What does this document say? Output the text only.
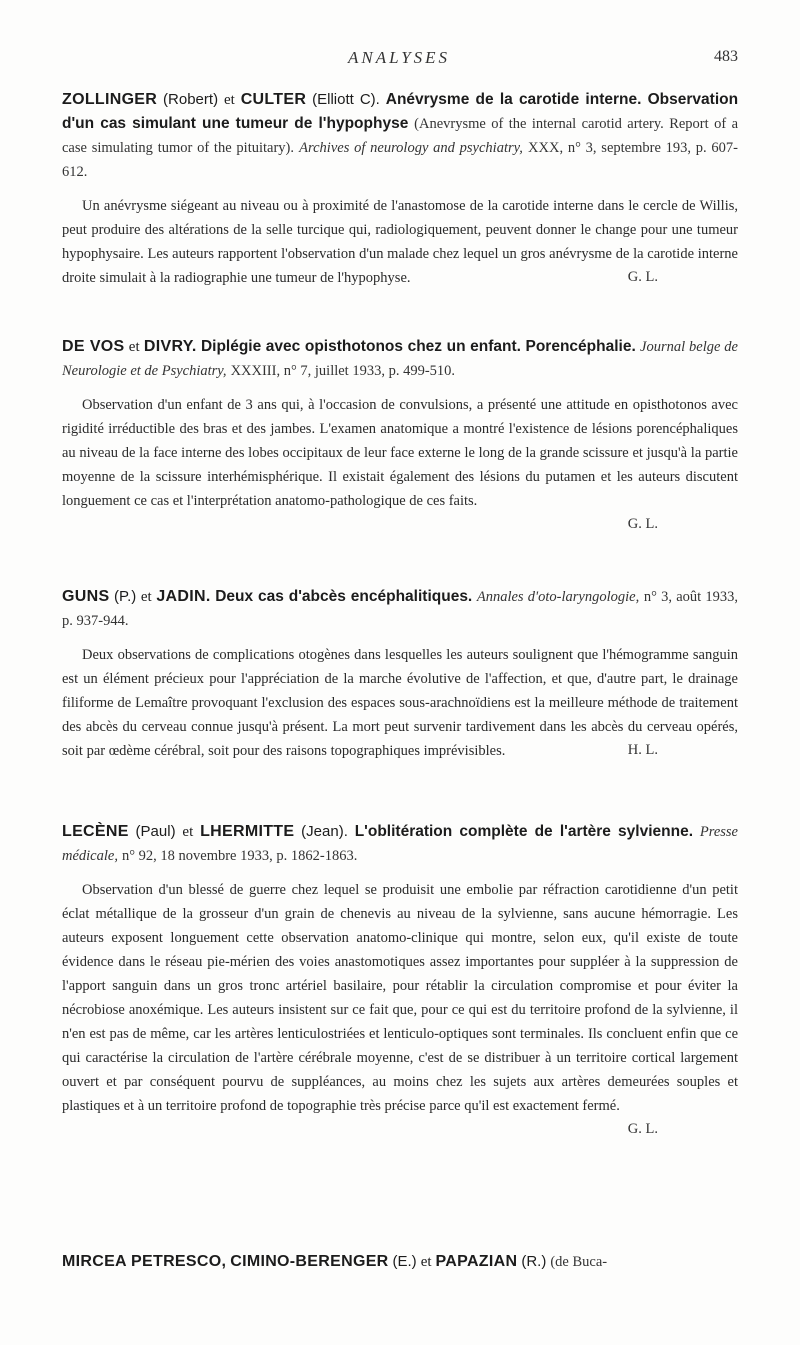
ANALYSES	483
ZOLLINGER (Robert) et CULTER (Elliott C). Anévrysme de la carotide interne. Observation d'un cas simulant une tumeur de l'hypophyse (Anevrysme of the internal carotid artery. Report of a case simulating tumor of the pituitary). Archives of neurology and psychiatry, XXX, n° 3, septembre 193, p. 607-612.

Un anévrysme siégeant au niveau ou à proximité de l'anastomose de la carotide interne dans le cercle de Willis, peut produire des altérations de la selle turcique qui, radiologiquement, peuvent donner le change pour une tumeur hypophysaire. Les auteurs rapportent l'observation d'un malade chez lequel un gros anévrysme de la carotide interne droite simulait à la radiographie une tumeur de l'hypophyse.	G. L.

DE VOS et DIVRY. Diplégie avec opisthotonos chez un enfant. Porencéphalie. Journal belge de Neurologie et de Psychiatry, XXXIII, n° 7, juillet 1933, p. 499-510.

Observation d'un enfant de 3 ans qui, à l'occasion de convulsions, a présenté une attitude en opisthotonos avec rigidité irréductible des bras et des jambes. L'examen anatomique a montré l'existence de lésions porencéphaliques au niveau de la face interne des lobes occipitaux de leur face externe le long de la grande scissure et jusqu'à la partie moyenne de la scissure interhémisphérique. Il existait également des lésions du putamen et les auteurs discutent longuement ce cas et l'interprétation anatomo-pathologique de ces faits.

G. L.
GUNS (P.) et JADIN. Deux cas d'abcès encéphalitiques. Annales d'oto-laryngologie, n° 3, août 1933, p. 937-944.

Deux observations de complications otogènes dans lesquelles les auteurs soulignent que l'hémogramme sanguin est un élément précieux pour l'appréciation de la marche évolutive de l'affection, et que, d'autre part, le drainage filiforme de Lemaître provoquant l'exclusion des espaces sous-arachnoïdiens est la meilleure méthode de traitement des abcès du cerveau connue jusqu'à présent. La mort peut survenir tardivement dans les abcès du cerveau opérés, soit par œdème cérébral, soit pour des raisons topographiques imprévisibles.	H. L.

LECÈNE (Paul) et LHERMITTE (Jean). L'oblitération complète de l'artère sylvienne. Presse médicale, n° 92, 18 novembre 1933, p. 1862-1863.

Observation d'un blessé de guerre chez lequel se produisit une embolie par réfraction carotidienne d'un petit éclat métallique de la grosseur d'un grain de chenevis au niveau de la sylvienne, sans aucune hémorragie. Les auteurs exposent longuement cette observation anatomo-clinique qui montre, selon eux, qu'il existe de toute évidence dans le réseau pie-mérien des voies anastomotiques assez importantes pour suppléer à la suppression de l'apport sanguin dans un gros tronc artériel basilaire, pour rétablir la circulation compromise et pour éviter la nécrobiose anoxémique. Les auteurs insistent sur ce fait que, pour ce qui est du territoire profond de la sylvienne, il n'en est pas de même, car les artères lenticulostriées et lenticulo-optiques sont terminales. Ils concluent enfin que ce qui caractérise la circulation de l'artère cérébrale moyenne, c'est de se distribuer à un territoire cortical largement ouvert et par conséquent pourvu de suppléances, au moins chez les sujets aux artères demeurées souples et plastiques et à un territoire profond de topographie très précise parce qu'il est exactement fermé.

G. L.
MIRCEA PETRESCO, CIMINO-BERENGER (E.) et PAPAZIAN (R.) (de Buca-
